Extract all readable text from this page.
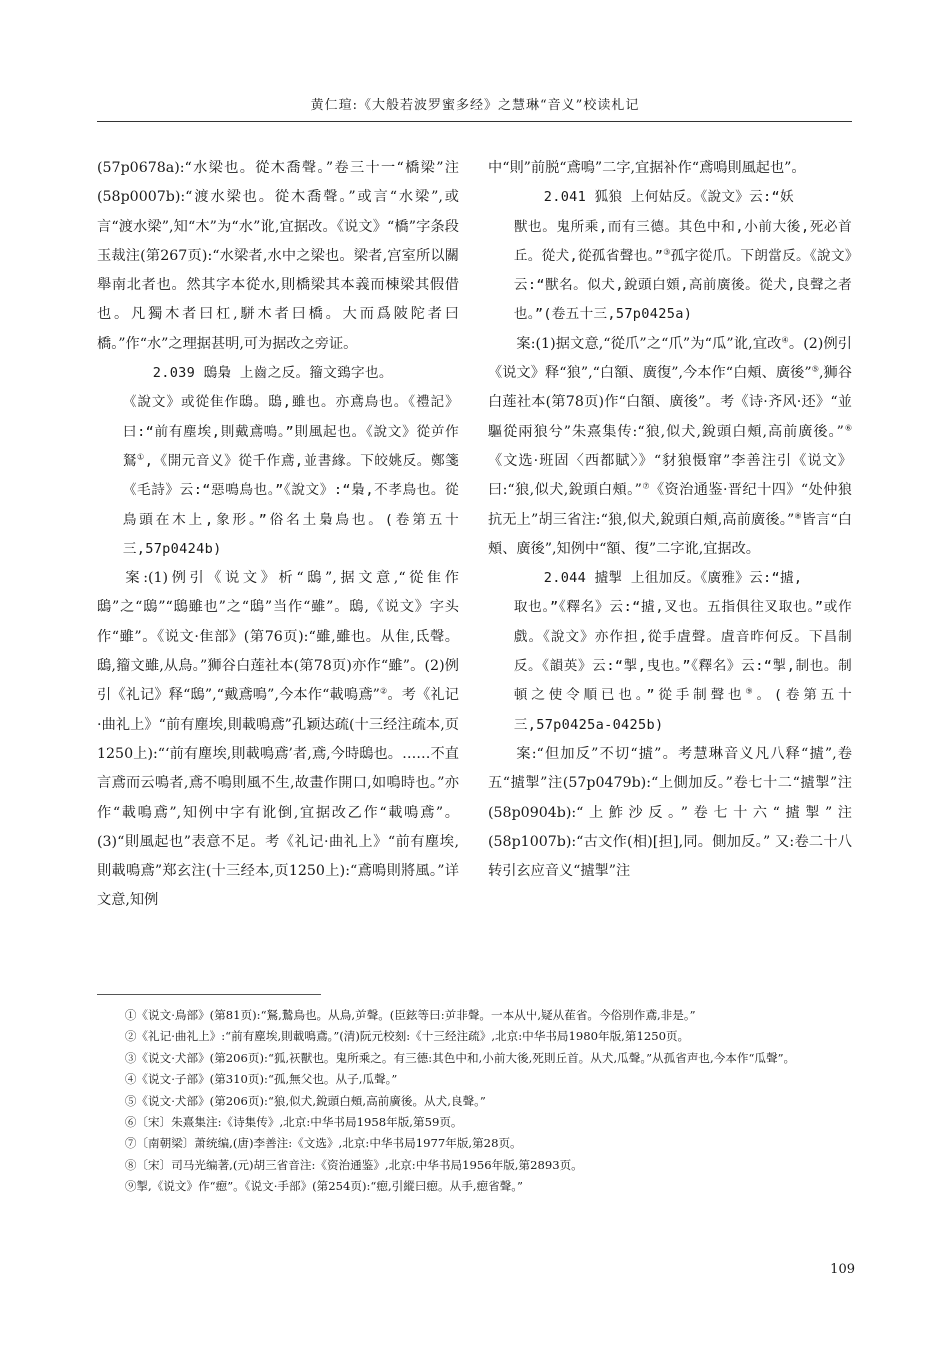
黄仁瑄:《大般若波罗蜜多经》之慧琳“音义”校读札记

(57p0678a):“水梁也。從木喬聲。”卷三十一“橋梁”注(58p0007b):“渡水梁也。從木喬聲。”或言“水梁”,或言“渡水梁”,知“木”为“水”讹,宜据改。《说文》“橋”字条段玉裁注(第267页):“水梁者,水中之梁也。梁者,宫室所以關舉南北者也。然其字本從水,則橋梁其本義而棟梁其假借也。凡獨木者曰杠,駢木者曰橋。大而爲陂陀者曰橋。”作“水”之理据甚明,可为据改之旁证。

2.039 鴟梟 上齒之反。籀文鵄字也。
《說文》或從隹作鴟。鴟,雖也。亦鳶鳥也。《禮記》曰:“前有塵埃,則戴鳶鳴。”則風起也。《說文》從屰作鴑①,《開元音义》從千作鳶,並書緣。下皎姚反。鄭箋《毛詩》云:“惡鳴鳥也。”《說文》:“梟,不孝鳥也。從鳥頭在木上,象形。”俗名土梟鳥也。(卷第五十三,57p0424b)

案:(1)例引《说文》析“鴟”,据文意,“從隹作鴟”之“鴟”“鴟雖也”之“鴟”当作“雖”。鴟,《说文》字头作“雖”。《说文·隹部》(第76页):“雖,雖也。从隹,氐聲。鴟,籀文雖,从鳥。”狮谷白莲社本(第78页)亦作“雖”。(2)例引《礼记》释“鴟”,“戴鳶鳴”,今本作“載鳴鳶”②。考《礼记·曲礼上》“前有塵埃,則載鳴鳶”孔颖达疏(十三经注疏本,页1250上):“‘前有塵埃,則載鳴鳶’者,鳶,今時鴟也。……不直言鳶而云鳴者,鳶不鳴則風不生,故畫作開口,如鳴時也。”亦作“載鳴鳶”,知例中字有讹倒,宜据改乙作“載鳴鳶”。(3)“則風起也”表意不足。考《礼记·曲礼上》“前有塵埃,則載鳴鳶”郑玄注(十三经本,页1250上):“鳶鳴則將風。”详文意,知例

中“則”前脱“鳶鳴”二字,宜据补作“鳶鳴則風起也”。

2.041 狐狼 上何姑反。《說文》云:“妖
獸也。鬼所乘,而有三德。其色中和,小前大後,死必首丘。從犬,從孤省聲也。”③孤字從爪。下朗當反。《說文》云:“獸名。似犬,銳頭白頞,高前廣後。從犬,良聲之者也。”(卷五十三,57p0425a)

案:(1)据文意,“從爪”之“爪”为“瓜”讹,宜改④。(2)例引《说文》释“狼”,“白額、廣復”,今本作“白頰、廣後”⑤,狮谷白莲社本(第78页)作“白額、廣後”。考《诗·齐风·还》“並驅從兩狼兮”朱熹集传:“狼,似犬,銳頭白頰,高前廣後。”⑥《文选·班固〈西都賦〉》“豺狼慑窜”李善注引《说文》曰:“狼,似犬,銳頭白頰。”⑦《资治通鉴·晋纪十四》“处仲狼抗无上”胡三省注:“狼,似犬,銳頭白頰,高前廣後。”⑧皆言“白頰、廣後”,知例中“額、復”二字讹,宜据改。

2.044 摣掣 上徂加反。《廣雅》云:“摣,
取也。”《釋名》云:“摣,叉也。五指俱往叉取也。”或作戲。《說文》亦作担,從手虘聲。虘音昨何反。下昌制反。《韻英》云:“掣,曳也。”《釋名》云:“掣,制也。制頓之使令順已也。”從手制聲也⑨。(卷第五十三,57p0425a-0425b)

案:“但加反”不切“摣”。考慧琳音义凡八释“摣”,卷五“摣掣”注(57p0479b):“上側加反。”卷七十二“摣掣”注(58p0904b):“上鮓沙反。”卷七十六“摣掣”注(58p1007b):“古文作(相)[担],同。側加反。” 又:卷二十八转引玄应音义“摣掣”注

①《说文·鳥部》(第81页):“鴑,鷙鳥也。从鳥,屰聲。(臣鉉等曰:屰非聲。一本从屮,疑从萑省。今俗別作鳶,非是。”

②《礼记·曲礼上》:“前有塵埃,則載鳴鳶。”(清)阮元校刻:《十三经注疏》,北京:中华书局1980年版,第1250页。

③《说文·犬部》(第206页):“狐,祆獸也。鬼所乘之。有三德:其色中和,小前大後,死則丘首。从犬,瓜聲。”从孤省声也,今本作“瓜聲”。

④《说文·子部》(第310页):“孤,無父也。从子,瓜聲。”

⑤《说文·犬部》(第206页):“狼,似犬,銳頭白頰,高前廣後。从犬,良聲。”

⑥〔宋〕朱熹集注:《诗集传》,北京:中华书局1958年版,第59页。

⑦〔南朝梁〕萧统编,(唐)李善注:《文选》,北京:中华书局1977年版,第28页。

⑧〔宋〕司马光编著,(元)胡三省音注:《资治通鉴》,北京:中华书局1956年版,第2893页。

⑨掣,《说文》作“瘛”。《说文·手部》(第254页):“瘛,引縱曰瘛。从手,瘛省聲。”

109
